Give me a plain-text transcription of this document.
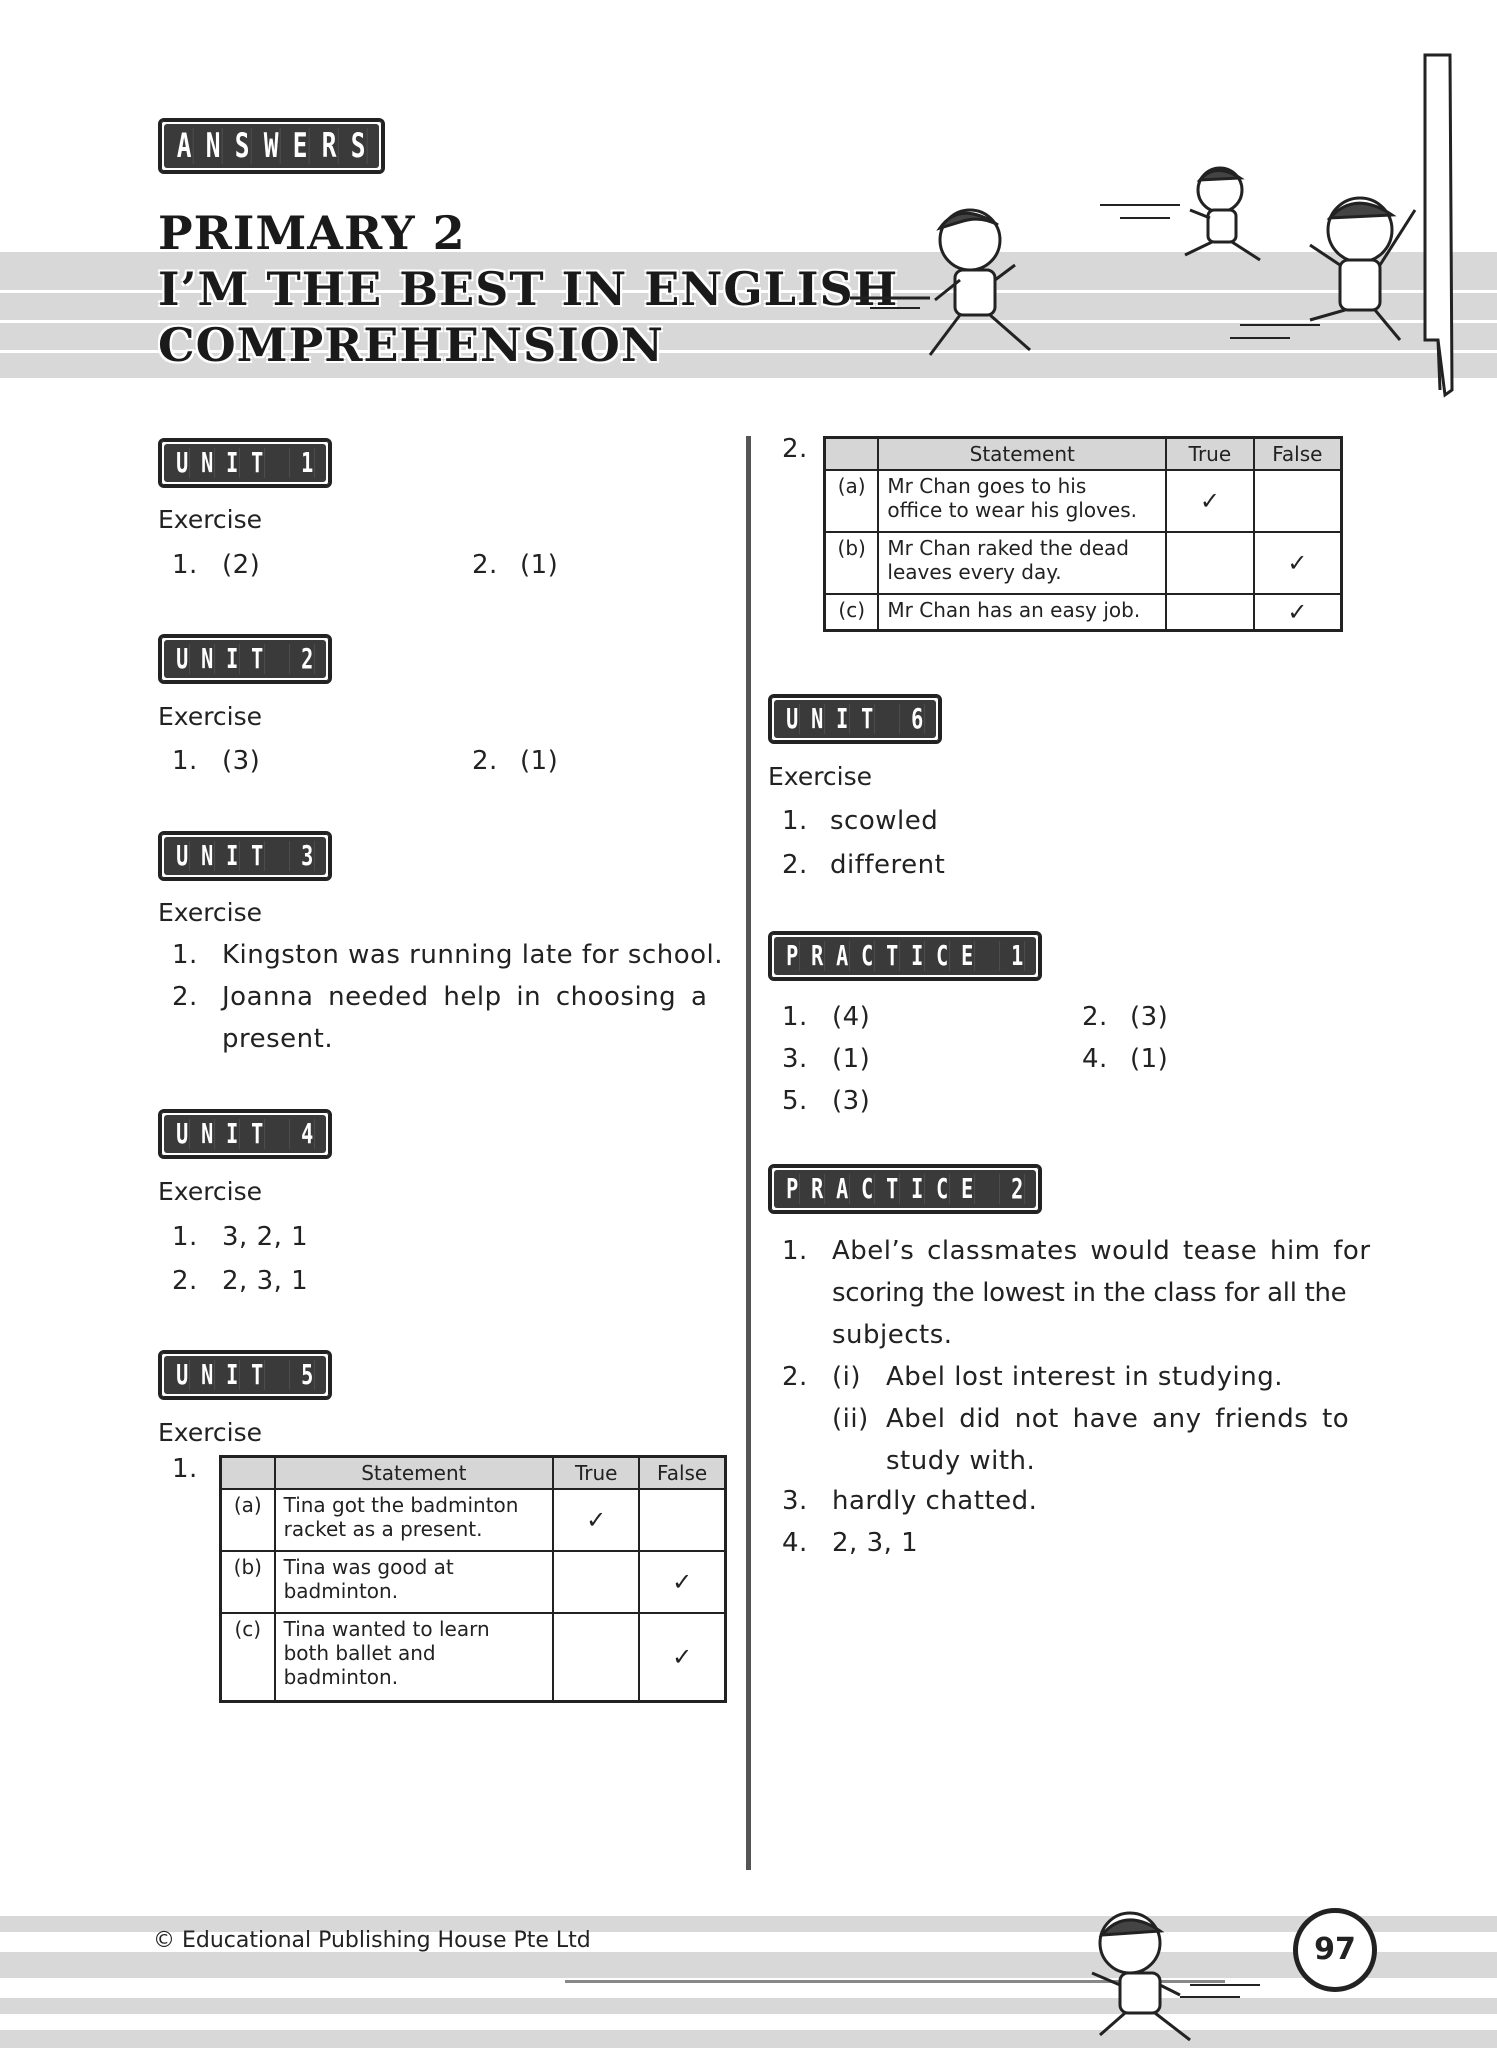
A N S W E R S
PRIMARY 2
I’M THE BEST IN ENGLISH
COMPREHENSION
U N I T 1
Exercise
1. (2)	2. (1)
U N I T 2
Exercise
1. (3)	2. (1)
U N I T 3
Exercise
1. Kingston was running late for school.
2. Joanna needed help in choosing a
present.
U N I T 4
Exercise
1. 3, 2, 1
2. 2, 3, 1
U N I T 5
Exercise
1.
		Statement	True	False
(a)	Tina got the badminton
racket as a present.	✓	
(b)	Tina was good at
badminton.		✓
(c)	Tina wanted to learn
both ballet and
badminton.		✓
2.
		Statement	True	False
(a)	Mr Chan goes to his
office to wear his gloves.	✓	
(b)	Mr Chan raked the dead
leaves every day.		✓
(c)	Mr Chan has an easy job.		✓
U N I T 6
Exercise
1. scowled
2. different
P R A C T I C E 1
1. (4)	2. (3)
3. (1)	4. (1)
5. (3)
P R A C T I C E 2
1. Abel’s classmates would tease him for
scoring the lowest in the class for all the
subjects.
2. (i) Abel lost interest in studying.
(ii) Abel did not have any friends to
study with.
3. hardly chatted.
4. 2, 3, 1
© Educational Publishing House Pte Ltd	97
